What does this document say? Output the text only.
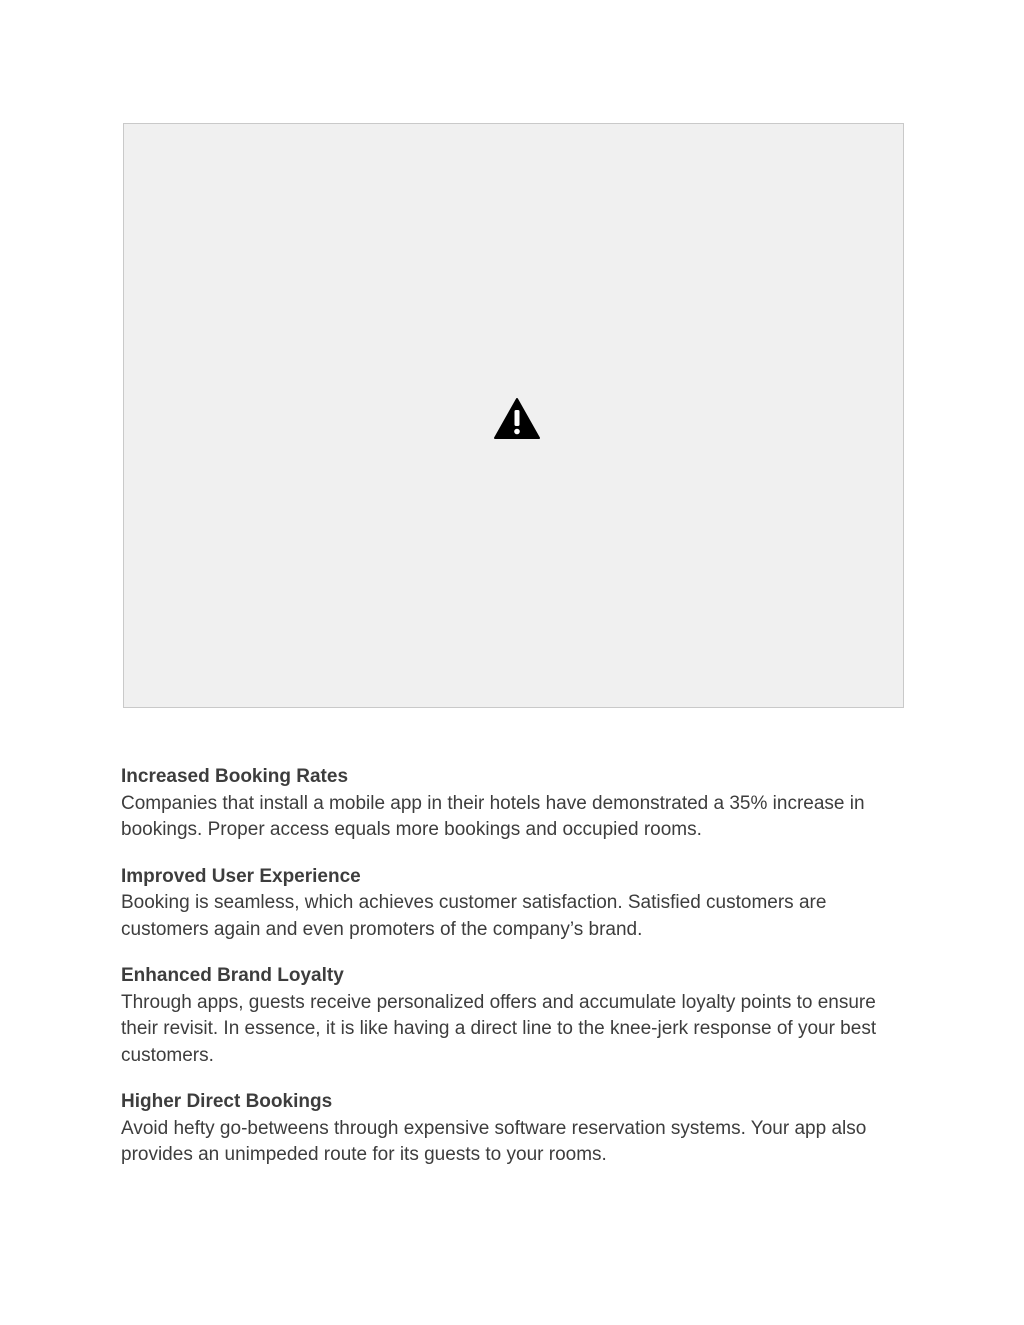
Increased Booking Rates

Companies that install a mobile app in their hotels have demonstrated a 35% increase in bookings. Proper access equals more bookings and occupied rooms.

Improved User Experience

Booking is seamless, which achieves customer satisfaction. Satisfied customers are customers again and even promoters of the company’s brand.

Enhanced Brand Loyalty

Through apps, guests receive personalized offers and accumulate loyalty points to ensure their revisit. In essence, it is like having a direct line to the knee-jerk response of your best customers.

Higher Direct Bookings

Avoid hefty go-betweens through expensive software reservation systems. Your app also provides an unimpeded route for its guests to your rooms.
